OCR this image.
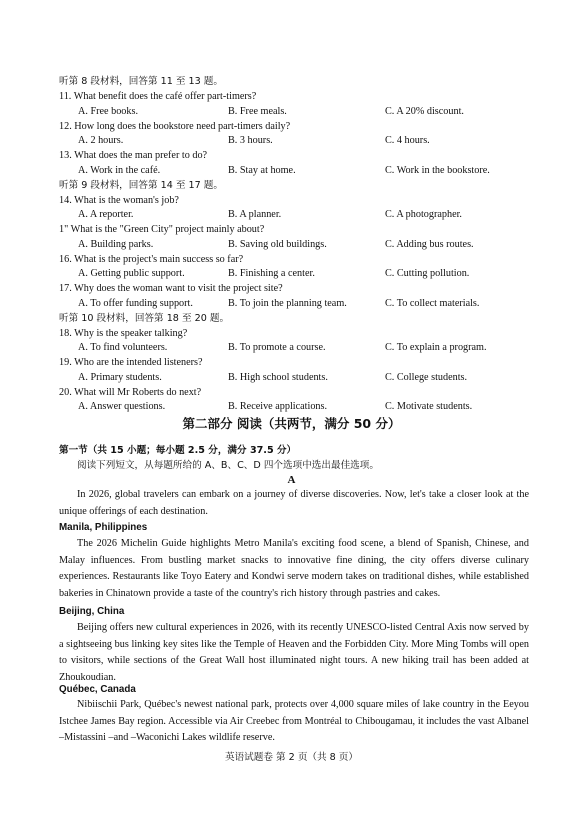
听第 8 段材料，回答第 11 至 13 题。
11. What benefit does the café offer part-timers?
A. Free books.	B. Free meals.	C. A 20% discount.
12. How long does the bookstore need part-timers daily?
A. 2 hours.	B. 3 hours.	C. 4 hours.
13. What does the man prefer to do?
A. Work in the café.	B. Stay at home.	C. Work in the bookstore.
听第 9 段材料，回答第 14 至 17 题。
14. What is the woman's job?
A. A reporter.	B. A planner.	C. A photographer.
1" What is the "Green City" project mainly about?
A. Building parks.	B. Saving old buildings.	C. Adding bus routes.
16. What is the project's main success so far?
A. Getting public support.	B. Finishing a center.	C. Cutting pollution.
17. Why does the woman want to visit the project site?
A. To offer funding support.	B. To join the planning team.	C. To collect materials.
听第 10 段材料，回答第 18 至 20 题。
18. Why is the speaker talking?
A. To find volunteers.	B. To promote a course.	C. To explain a program.
19. Who are the intended listeners?
A. Primary students.	B. High school students.	C. College students.
20. What will Mr Roberts do next?
A. Answer questions.	B. Receive applications.	C. Motivate students.
第二部分 阅读（共两节，满分 50 分）
第一节（共 15 小题；每小题 2.5 分，满分 37.5 分）
阅读下列短文，从每题所给的 A、B、C、D 四个选项中选出最佳选项。
A

In 2026, global travelers can embark on a journey of diverse discoveries. Now, let's take a closer look at the unique offerings of each destination.

Manila, Philippines

The 2026 Michelin Guide highlights Metro Manila's exciting food scene, a blend of Spanish, Chinese, and Malay influences. From bustling market snacks to innovative fine dining, the city offers diverse culinary experiences. Restaurants like Toyo Eatery and Kondwi serve modern takes on traditional dishes, while established bakeries in Chinatown provide a taste of the country's rich history through pastries and cakes.

Beijing, China

Beijing offers new cultural experiences in 2026, with its recently UNESCO-listed Central Axis now served by a sightseeing bus linking key sites like the Temple of Heaven and the Forbidden City. More Ming Tombs will open to visitors, while sections of the Great Wall host illuminated night tours. A new hiking trail has been added at Zhoukoudian.

Québec, Canada

Nibiischii Park, Québec's newest national park, protects over 4,000 square miles of lake country in the Eeyou Istchee James Bay region. Accessible via Air Creebec from Montréal to Chibougamau, it includes the vast Albanel –Mistassini –and –Waconichi Lakes wildlife reserve.

英语试题卷 第 2 页（共 8 页）
